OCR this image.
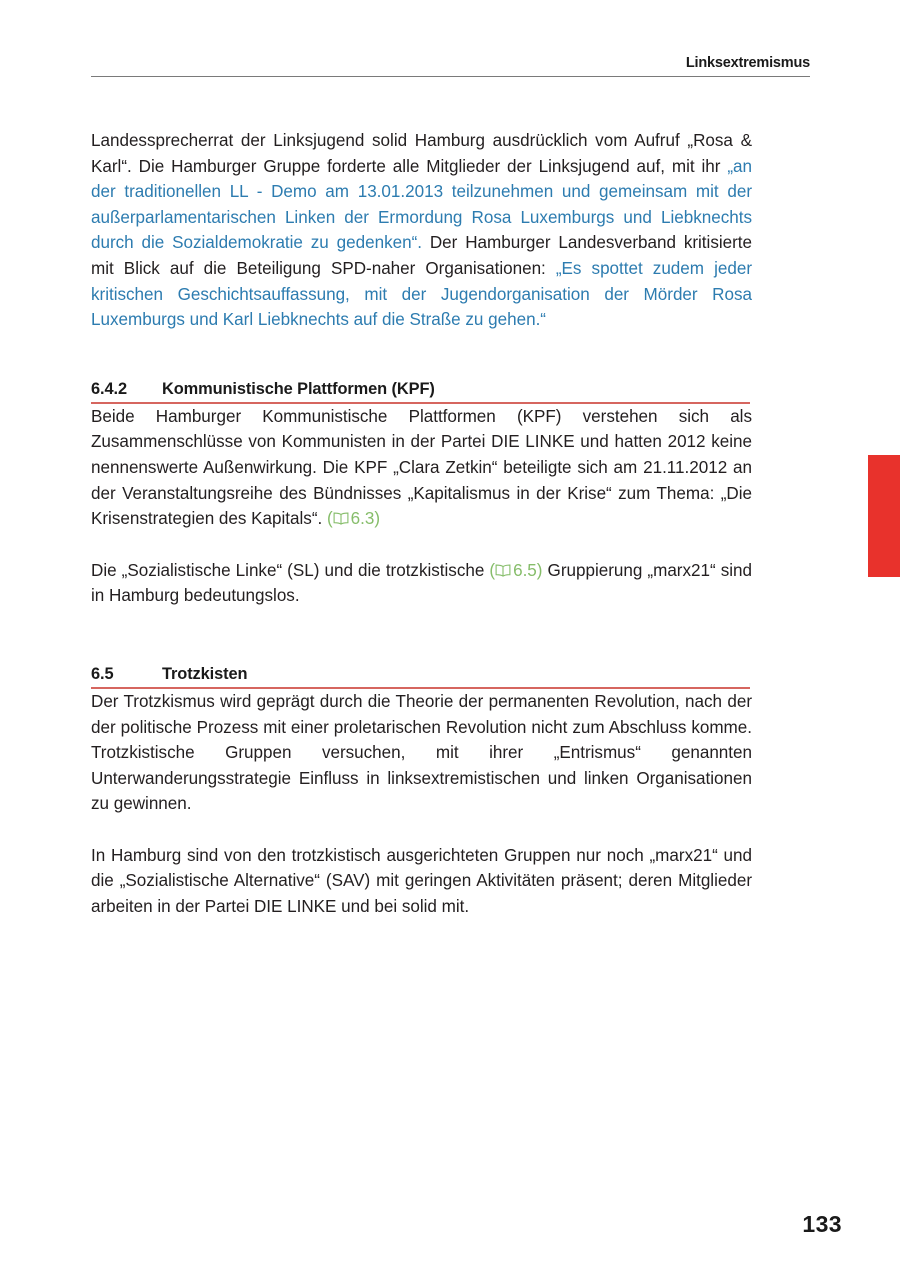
Linksextremismus

Landessprecherrat der Linksjugend solid Hamburg ausdrücklich vom Aufruf „Rosa & Karl“. Die Hamburger Gruppe forderte alle Mitglieder der Linksjugend auf, mit ihr „an der traditionellen LL - Demo am 13.01.2013 teilzunehmen und gemeinsam mit der außerparlamentarischen Linken der Ermordung Rosa Luxemburgs und Liebknechts durch die Sozialdemokratie zu gedenken“. Der Hamburger Landesverband kritisierte mit Blick auf die Beteiligung SPD-naher Organisationen: „Es spottet zudem jeder kritischen Geschichtsauffassung, mit der Jugendorganisation der Mörder Rosa Luxemburgs und Karl Liebknechts auf die Straße zu gehen.“

6.4.2	Kommunistische Plattformen (KPF)

Beide Hamburger Kommunistische Plattformen (KPF) verstehen sich als Zusammenschlüsse von Kommunisten in der Partei DIE LINKE und hatten 2012 keine nennenswerte Außenwirkung. Die KPF „Clara Zetkin“ beteiligte sich am 21.11.2012 an der Veranstaltungsreihe des Bündnisses „Kapitalismus in der Krise“ zum Thema: „Die Krisenstrategien des Kapitals“. ( 6.3)

Die „Sozialistische Linke“ (SL) und die trotzkistische ( 6.5) Gruppierung „marx21“ sind in Hamburg bedeutungslos.

6.5	Trotzkisten

Der Trotzkismus wird geprägt durch die Theorie der permanenten Revolution, nach der der politische Prozess mit einer proletarischen Revolution nicht zum Abschluss komme. Trotzkistische Gruppen versuchen, mit ihrer „Entrismus“ genannten Unterwanderungsstrategie Einfluss in linksextremistischen und linken Organisationen zu gewinnen.

In Hamburg sind von den trotzkistisch ausgerichteten Gruppen nur noch „marx21“ und die „Sozialistische Alternative“ (SAV) mit geringen Aktivitäten präsent; deren Mitglieder arbeiten in der Partei DIE LINKE und bei solid mit.

133
